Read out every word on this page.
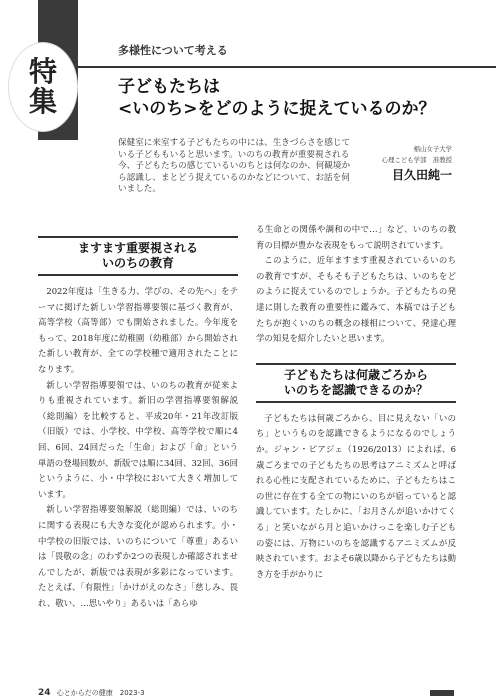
特
集
多様性について考える
子どもたちは
<いのち>をどのように捉えているのか？
保健室に来室する子どもたちの中には、生きづらさを感じている子どももいると思います。いのちの教育が重要視される今、子どもたちの感じているいのちとは何なのか、何観境から認識し、まとどう捉えているのかなどについて、お話を伺いました。
椙山女子大学
心理こども学部　准教授
目久田純一
ますます重要視される
いのちの教育

2022年度は「生きる力、学びの、その先へ」をテーマに掲げた新しい学習指導要領に基づく教育が、高等学校（高等部）でも開始されました。今年度をもって、2018年度に幼稚園（幼稚部）から開始された新しい教育が、全ての学校種で適用されたことになります。

新しい学習指導要領では、いのちの教育が従来よりも重視されています。新旧の学習指導要領解説（総則編）を比較すると、平成20年・21年改訂版（旧版）では、小学校、中学校、高等学校で順に4回、6回、24回だった「生命」および「命」という単語の登場回数が、新版では順に34回、32回、36回というように、小・中学校において大きく増加しています。

新しい学習指導要領解説（総則編）では、いのちに関する表現にも大きな変化が認められます。小・中学校の旧版では、いのちについて「尊重」あるいは「畏敬の念」のわずか2つの表現しか確認されませんでしたが、新版では表現が多彩になっています。たとえば、「有限性」「かけがえのなさ」「慈しみ、畏れ、敬い、…思いやり」あるいは「あらゆ

る生命との関係や調和の中で…」など、いのちの教育の目標が豊かな表現をもって説明されています。

このように、近年ますます重視されているいのちの教育ですが、そもそも子どもたちは、いのちをどのように捉えているのでしょうか。子どもたちの発達に則した教育の重要性に鑑みて、本稿では子どもたちが抱くいのちの概念の様相について、発達心理学の知見を紹介したいと思います。

子どもたちは何歳ごろから
いのちを認識できるのか？

子どもたちは何歳ごろから、目に見えない「いのち」というものを認識できるようになるのでしょうか。ジャン・ピアジェ（1926/2013）によれば、6歳ごろまでの子どもたちの思考はアニミズムと呼ばれる心性に支配されているために、子どもたちはこの世に存在する全ての物にいのちが宿っていると認識しています。たしかに、「お月さんが追いかけてくる」と笑いながら月と追いかけっこを楽しむ子どもの姿には、万物にいのちを認識するアニミズムが反映されています。およそ6歳以降から子どもたちは動き方を手がかりに

24 心とからだの健康　2023-3
